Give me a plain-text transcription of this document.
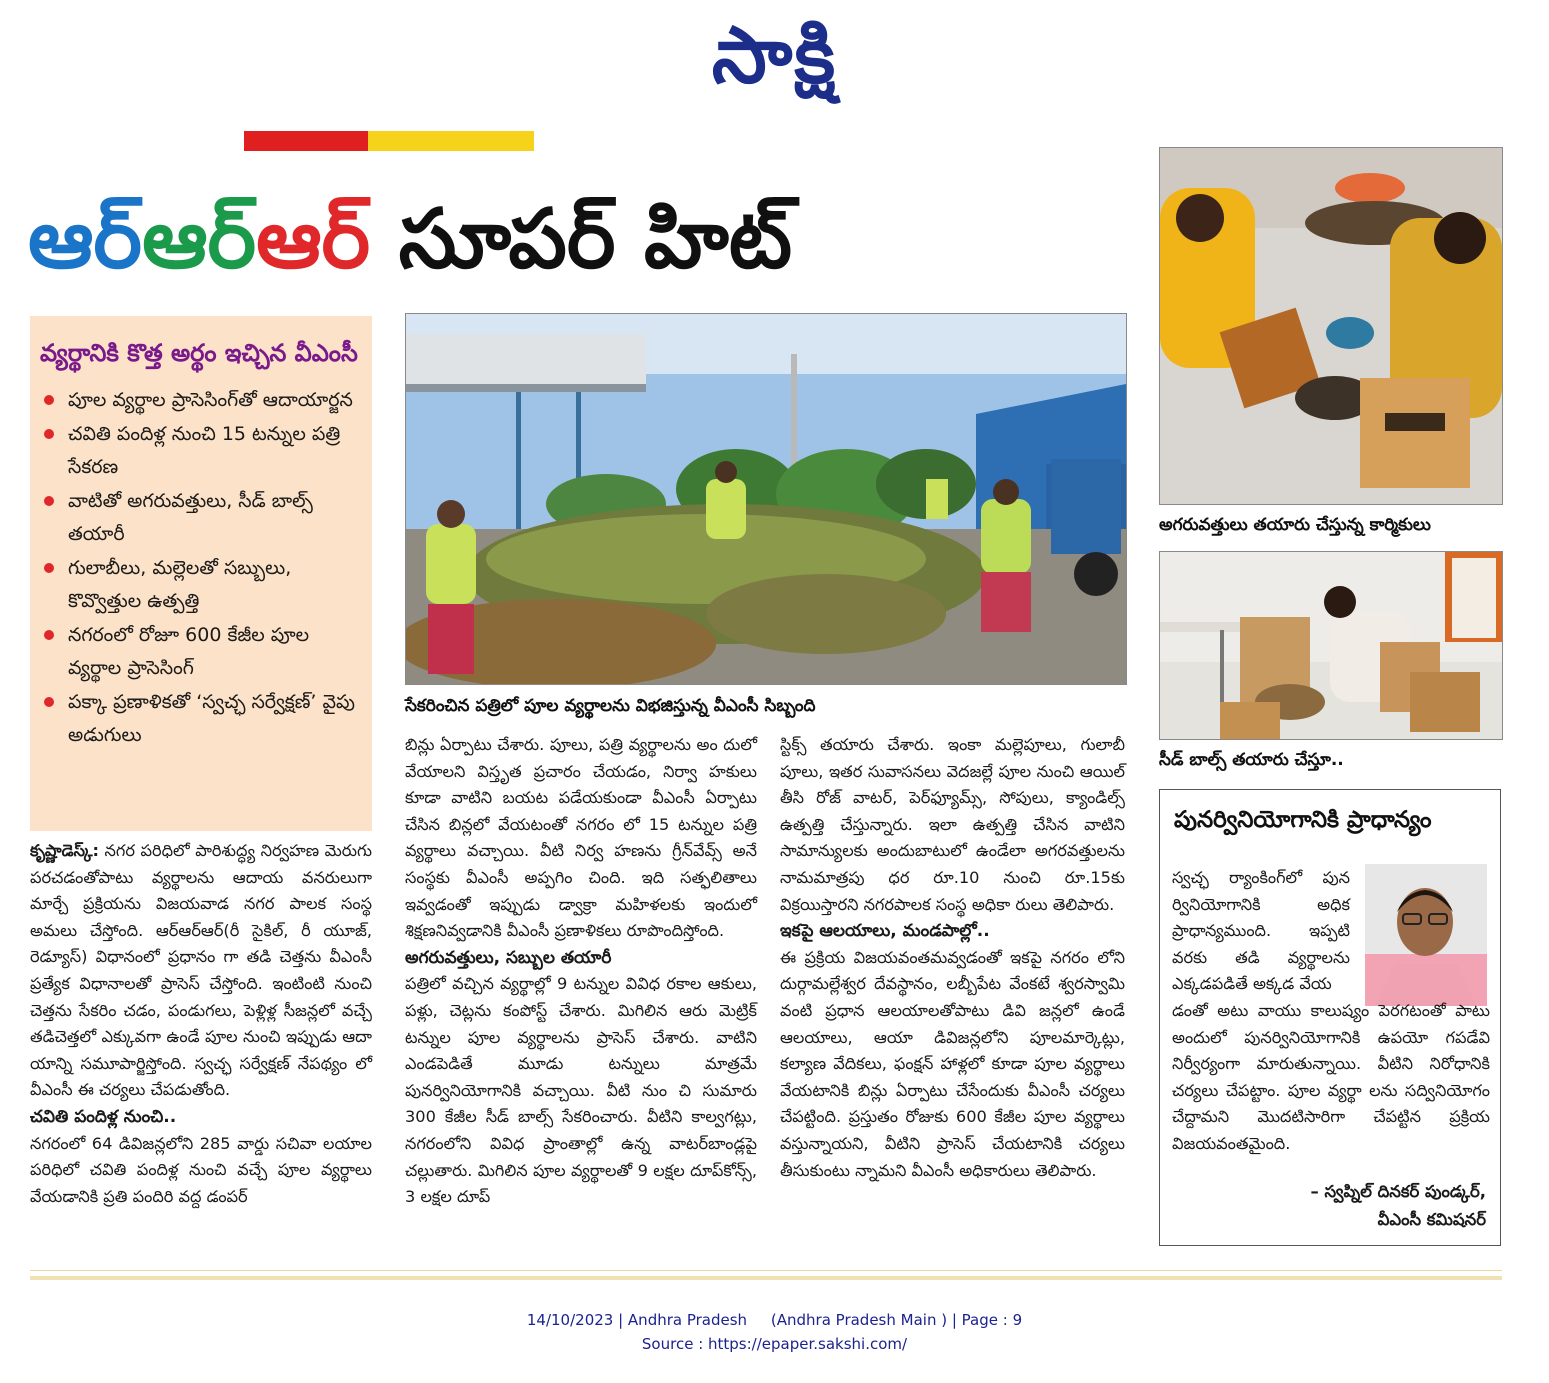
సాక్షి
ఆర్ఆర్ఆర్ సూపర్ హిట్
వ్యర్థానికి కొత్త అర్థం ఇచ్చిన వీఎంసీ
పూల వ్యర్థాల ప్రాసెసింగ్‌తో ఆదాయార్జన
చవితి పందిళ్ల నుంచి 15 టన్నుల పత్రి సేకరణ
వాటితో అగరువత్తులు, సీడ్ బాల్స్ తయారీ
గులాబీలు, మల్లెలతో సబ్బులు, కొవ్వొత్తుల ఉత్పత్తి
నగరంలో రోజూ 600 కేజీల పూల వ్యర్థాల ప్రాసెసింగ్
పక్కా ప్రణాళికతో ‘స్వచ్ఛ సర్వేక్షణ్’ వైపు అడుగులు
సేకరించిన పత్రిలో పూల వ్యర్థాలను విభజిస్తున్న వీఎంసీ సిబ్బంది
అగరువత్తులు తయారు చేస్తున్న కార్మికులు
సీడ్ బాల్స్ తయారు చేస్తూ..

కృష్ణాడెస్క్: నగర పరిధిలో పారిశుద్ధ్య నిర్వహణ మెరుగు పరచడంతోపాటు వ్యర్థాలను ఆదాయ వనరులుగా మార్చే ప్రక్రియను విజయవాడ నగర పాలక సంస్థ అమలు చేస్తోంది. ఆర్‌ఆర్‌ఆర్(రీ సైకిల్, రీ యూజ్, రెడ్యూస్) విధానంలో ప్రధానం గా తడి చెత్తను వీఎంసీ ప్రత్యేక విధానాలతో ప్రాసెస్ చేస్తోంది. ఇంటింటి నుంచి చెత్తను సేకరిం చడం, పండుగలు, పెళ్లిళ్ల సీజన్లలో వచ్చే తడిచెత్తలో ఎక్కువగా ఉండే పూల నుంచి ఇప్పుడు ఆదా యాన్ని సమూపార్జిస్తోంది. స్వచ్ఛ సర్వేక్షణ్ నేపథ్యం లో వీఎంసీ ఈ చర్యలు చేపడుతోంది.

చవితి పందిళ్ల నుంచి..

నగరంలో 64 డివిజన్లలోని 285 వార్డు సచివా లయాల పరిధిలో చవితి పందిళ్ల నుంచి వచ్చే పూల వ్యర్థాలు వేయడానికి ప్రతి పందిరి వద్ద డంపర్

బిన్లు ఏర్పాటు చేశారు. పూలు, పత్రి వ్యర్థాలను అం దులో వేయాలని విస్తృత ప్రచారం చేయడం, నిర్వా హకులు కూడా వాటిని బయట పడేయకుండా వీఎంసీ ఏర్పాటు చేసిన బిన్లలో వేయటంతో నగరం లో 15 టన్నుల పత్రి వ్యర్థాలు వచ్చాయి. వీటి నిర్వ హణను గ్రీన్‌వేవ్స్ అనే సంస్థకు వీఎంసీ అప్పగిం చింది. ఇది సత్ఫలితాలు ఇవ్వడంతో ఇప్పుడు డ్వాక్రా మహిళలకు ఇందులో శిక్షణనివ్వడానికి వీఎంసీ ప్రణాళికలు రూపొందిస్తోంది.

అగరువత్తులు, సబ్బుల తయారీ

పత్రిలో వచ్చిన వ్యర్థాల్లో 9 టన్నుల వివిధ రకాల ఆకులు, పళ్లు, చెట్లను కంపోస్ట్ చేశారు. మిగిలిన ఆరు మెట్రిక్ టన్నుల పూల వ్యర్థాలను ప్రాసెస్ చేశారు. వాటిని ఎండపెడితే మూడు టన్నులు మాత్రమే పునర్వినియోగానికి వచ్చాయి. వీటి నుం చి సుమారు 300 కేజీల సీడ్ బాల్స్ సేకరించారు. వీటిని కాల్వగట్లు, నగరంలోని వివిధ ప్రాంతాల్లో ఉన్న వాటర్‌బాండ్లపై చల్లుతారు. మిగిలిన పూల వ్యర్థాలతో 9 లక్షల దూప్‌కోన్స్, 3 లక్షల దూప్

స్టిక్స్ తయారు చేశారు. ఇంకా మల్లెపూలు, గులాబీ పూలు, ఇతర సువాసనలు వెదజల్లే పూల నుంచి ఆయిల్ తీసి రోజ్ వాటర్, పెర్‌ఫ్యూమ్స్, సోపులు, క్యాండిల్స్ ఉత్పత్తి చేస్తున్నారు. ఇలా ఉత్పత్తి చేసిన వాటిని సామాన్యులకు అందుబాటులో ఉండేలా అగరవత్తులను నామమాత్రపు ధర రూ.10 నుంచి రూ.15కు విక్రయిస్తారని నగరపాలక సంస్థ అధికా రులు తెలిపారు.

ఇకపై ఆలయాలు, మండపాల్లో..

ఈ ప్రక్రియ విజయవంతమవ్వడంతో ఇకపై నగరం లోని దుర్గామల్లేశ్వర దేవస్థానం, లబ్బీపేట వేంకటే శ్వరస్వామి వంటి ప్రధాన ఆలయాలతోపాటు డివి జన్లలో ఉండే ఆలయాలు, ఆయా డివిజన్లలోని పూలమార్కెట్లు, కల్యాణ వేదికలు, ఫంక్షన్ హాళ్లలో కూడా పూల వ్యర్థాలు వేయటానికి బిన్లు ఏర్పాటు చేసేందుకు వీఎంసీ చర్యలు చేపట్టింది. ప్రస్తుతం రోజుకు 600 కేజీల పూల వ్యర్థాలు వస్తున్నాయని, వీటిని ప్రాసెస్ చేయటానికి చర్యలు తీసుకుంటు న్నామని వీఎంసీ అధికారులు తెలిపారు.

పునర్వినియోగానికి ప్రాధాన్యం

స్వచ్ఛ ర్యాంకింగ్‌లో పున ర్వినియోగానికి అధిక ప్రాధాన్యముంది. ఇప్పటి వరకు తడి వ్యర్థాలను ఎక్కడపడితే అక్కడ వేయ

డంతో అటు వాయు కాలుష్యం పెరగటంతో పాటు అందులో పునర్వినియోగానికి ఉపయో గపడేవి నిర్వీర్యంగా మారుతున్నాయి. వీటిని నిరోధానికి చర్యలు చేపట్టాం. పూల వ్యర్థా లను సద్వినియోగం చేద్దామని మొదటిసారిగా చేపట్టిన ప్రక్రియ విజయవంతమైంది.

– స్వప్నిల్ దినకర్ పుండ్కర్,
వీఎంసీ కమిషనర్
14/10/2023 | Andhra Pradesh     (Andhra Pradesh Main ) | Page : 9
Source : https://epaper.sakshi.com/
